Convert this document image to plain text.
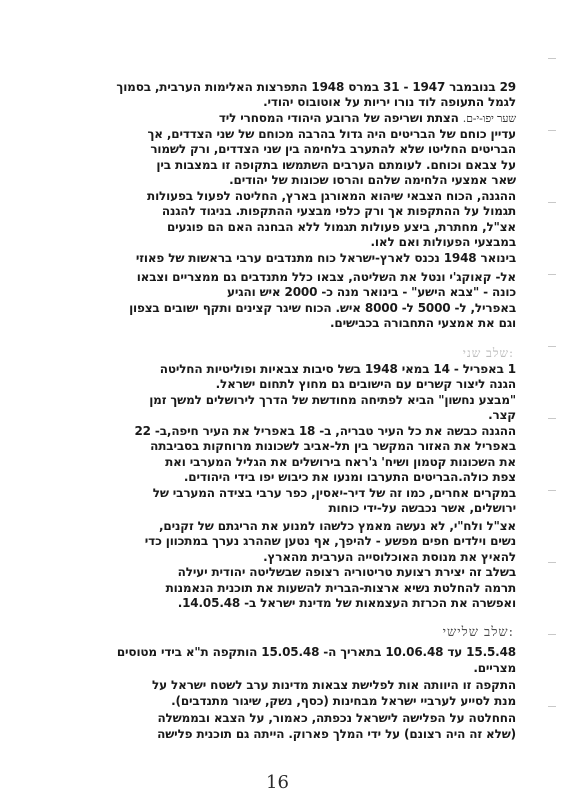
29 בנובמבר 1947 - 31 במרס 1948 התפרצות האלימות הערבית, בסמוך
לגמל התעופה לוד נורו יריות על אוטובוס יהודי.
שער יפו-י-ם. הצתת ושריפה של הרובע היהודי המסחרי ליד
עדיין כוחם של הבריטים היה גדול בהרבה מכוחם של שני הצדדים, אך
הבריטים החליטו שלא להתערב בלחימה בין שני הצדדים, ורק לשמור
על צבאם וכוחם. לעומתם הערבים השתמשו בתקופה זו במצבות בין
שאר אמצעי הלחימה שלהם והרסו שכונות של יהודים.
ההגנה, הכוח הצבאי שיהוא המאורגן בארץ, החליטה לפעול בפעולות
תגמול על ההתקפות אך ורק כלפי מבצעי ההתקפות. בניגוד להגנה
אצ"ל, מחתרת, ביצע פעולות תגמול ללא הבחנה האם הם פוגעים
במבצעי הפעולות ואם לאו.
בינואר 1948 נכנס לארץ-ישראל כוח מתנדבים ערבי בראשות של פאוזי
אל- קאוקג'י ונטל את השליטה, צבאו כלל מתנדבים גם ממצריים וצבאו
כונה - "צבא הישע" - בינואר מנה כ- 2000 איש והגיע
באפריל, ל- 5000 ל- 8000 איש. הכוח שיגר קצינים ותקף ישובים בצפון
וגם את אמצעי התחבורה בכבישים.
שלב שני:
1 באפריל - 14 במאי 1948 בשל סיבות צבאיות ופוליטיות החליטה
הגנה ליצור קשרים עם הישובים גם מחוץ לתחום ישראל.
"מבצע נחשון" הביא לפתיחה מחודשת של הדרך לירושלים למשך זמן
קצר.
ההגנה כבשה את כל העיר טבריה, ב- 18 באפריל את העיר חיפה,ב- 22
באפריל את האזור המקשר בין תל-אביב לשכונות מרוחקות בסביבתה
את השכונות קטמון ושיח' ג'ראח בירושלים את הגליל המערבי ואת
צפת כולה.הבריטים התערבו ומנעו את כיבוש יפו בידי היהודים.
במקרים אחרים, כמו זה של דיר-יאסין, כפר ערבי בצידה המערבי של
ירושלים, אשר נכבשה על-ידי כוחות
אצ"ל ולח"י, לא נעשה מאמץ כלשהו למנוע את הריגתם של זקנים,
נשים וילדים חפים מפשע - להיפך, אף נטען שההרג נערך במתכוון כדי
להאיץ את מנוסת האוכלוסייה הערבית מהארץ.
בשלב זה יצירת רצועת טריטוריה רצופה שבשליטה יהודית יעילה
תרמה להחלטת נשיא ארצות-הברית להשעות את תוכנית הנאמנות
ואפשרה את הכרזת העצמאות של מדינת ישראל ב- 14.05.48.
שלב שלישי:
15.5.48 עד 10.06.48 בתאריך ה- 15.05.48 הותקפה ת"א בידי מטוסים
מצריים.
התקפה זו היוותה אות לפלישת צבאות מדינות ערב לשטח ישראל על
מנת לסייע לערביי ישראל מבחינות (כסף, נשק, שיגור מתנדבים).
החחלטה על הפלישה לישראל נכפתה, כאמור, על הצבא ובממשלה
(שלא זה היה רצונם) על ידי המלך פארוק. הייתה גם תוכנית פלישה
16
